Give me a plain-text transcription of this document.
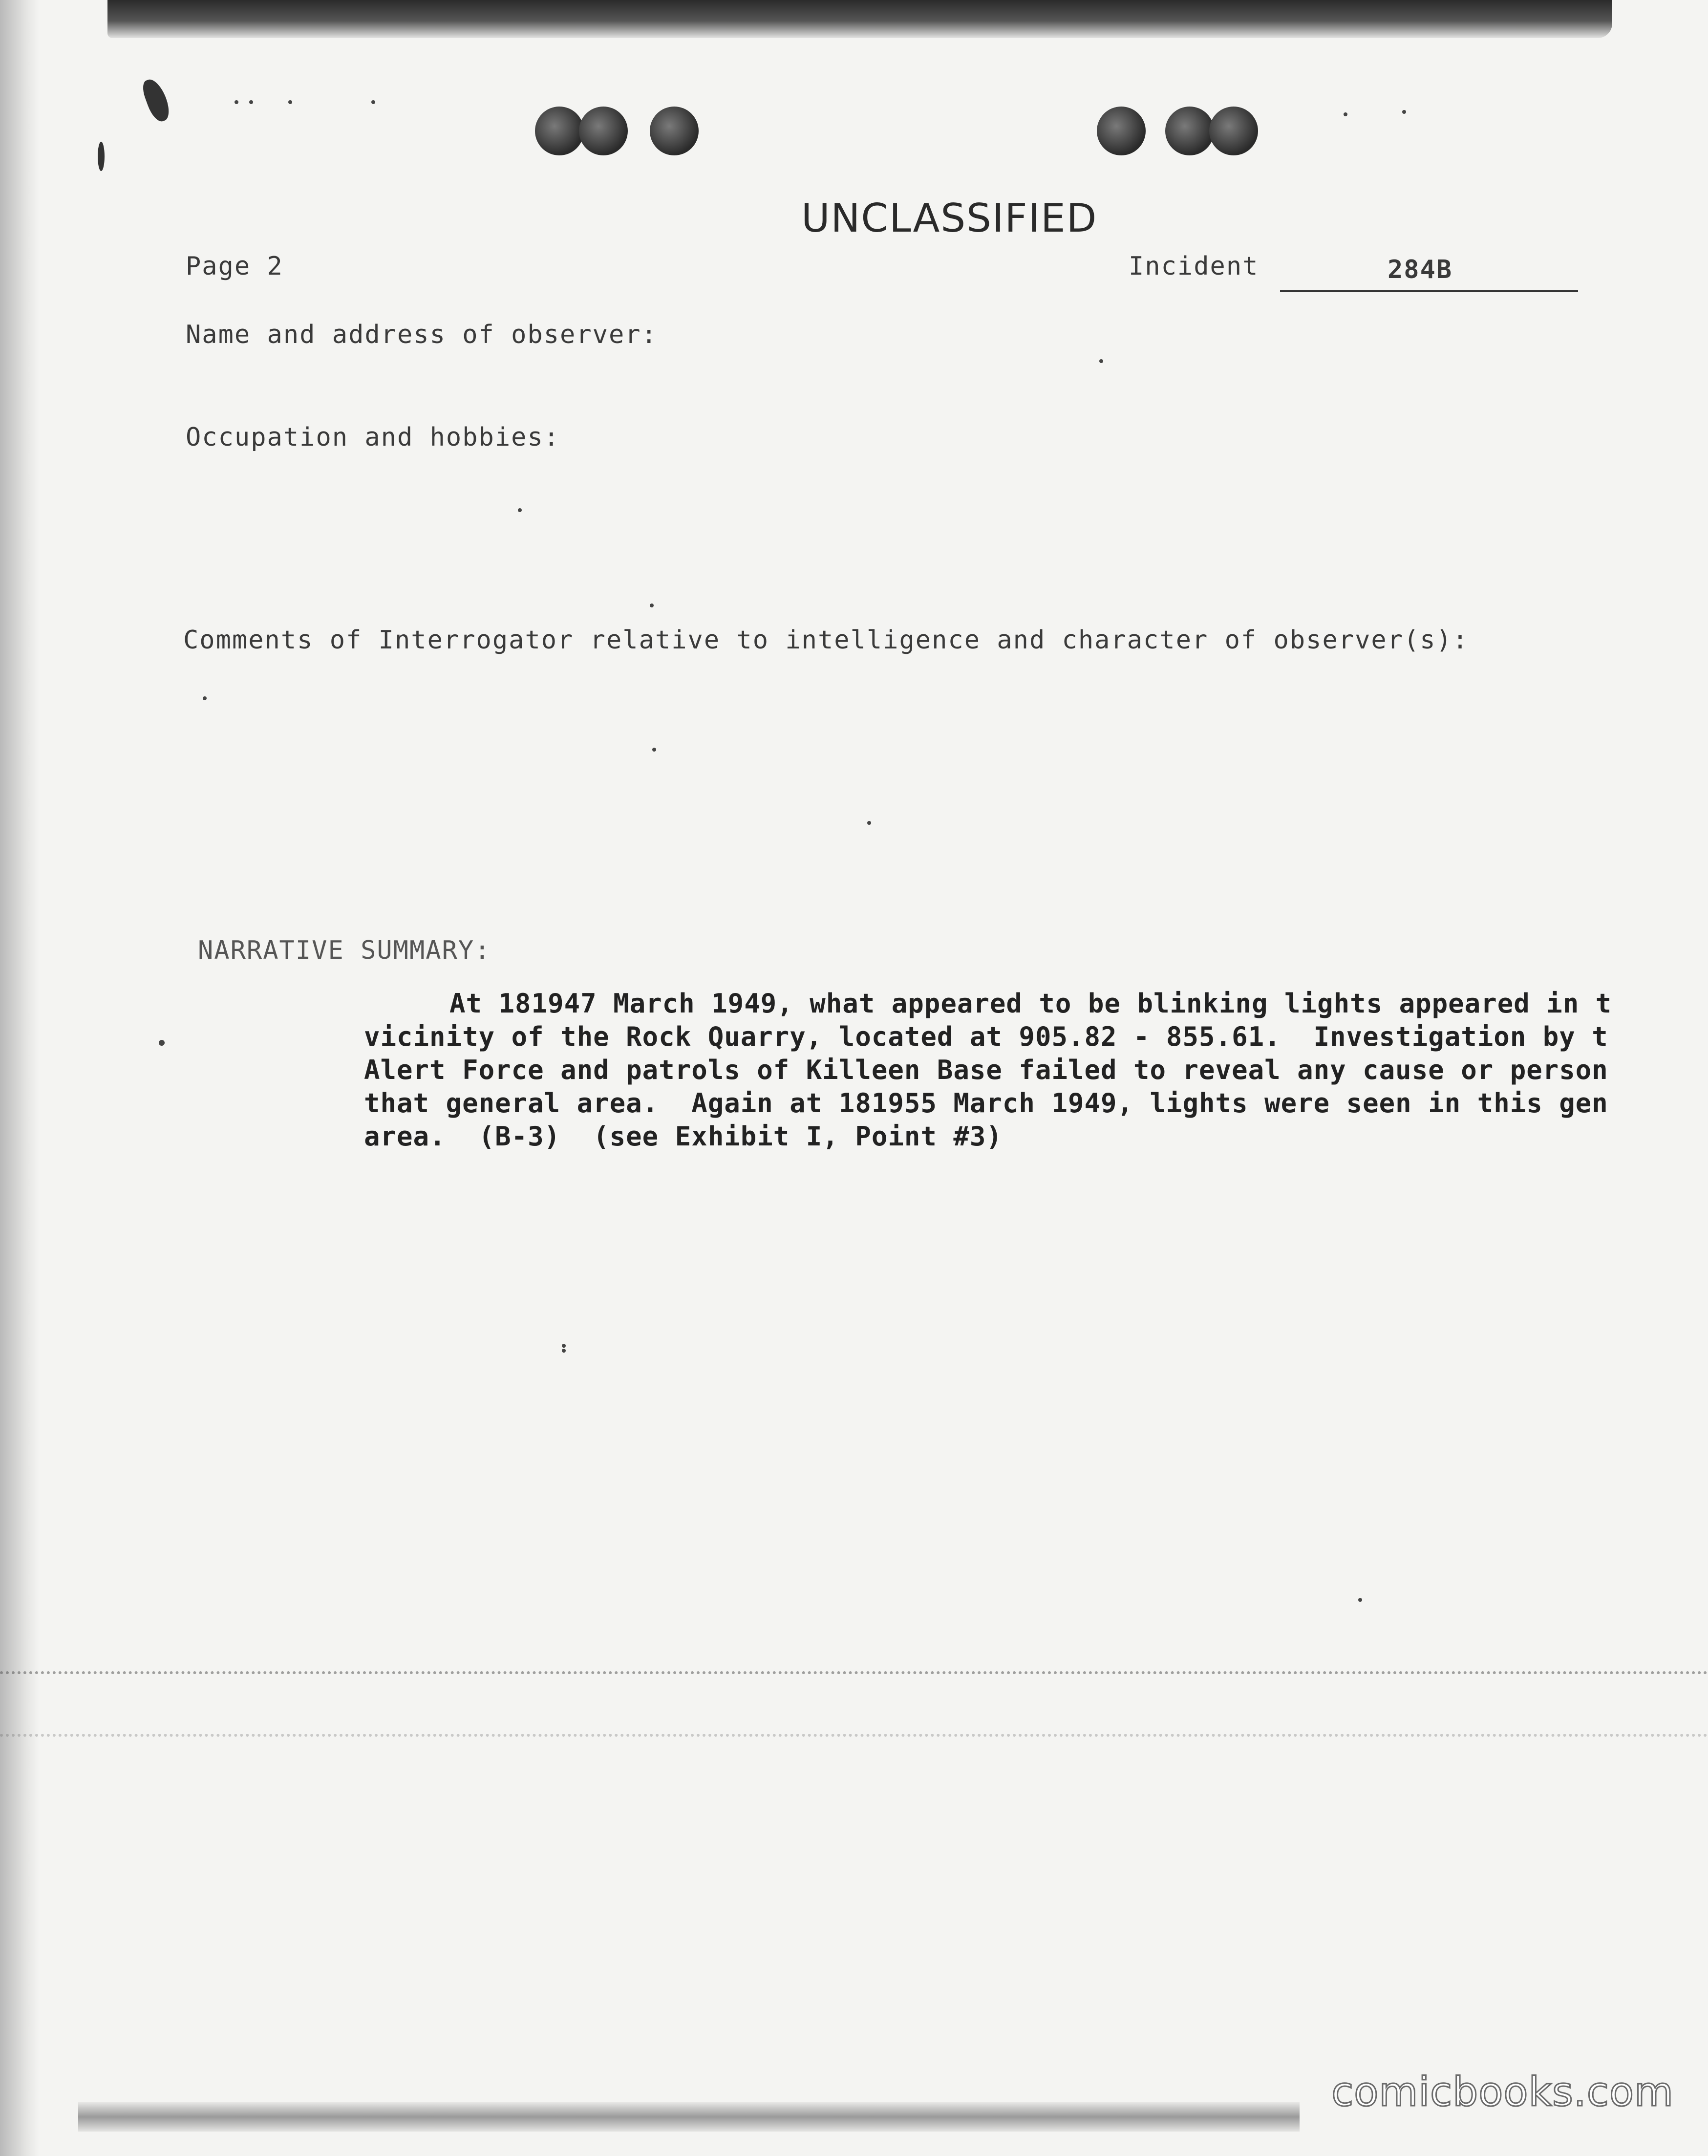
UNCLASSIFIED
Page 2	Incident	284B
Name and address of observer:
Occupation and hobbies:
Comments of Interrogator relative to intelligence and character of observer(s):
NARRATIVE SUMMARY:
At 181947 March 1949, what appeared to be blinking lights appeared in t
vicinity of the Rock Quarry, located at 905.82 - 855.61.  Investigation by t
Alert Force and patrols of Killeen Base failed to reveal any cause or person
that general area.  Again at 181955 March 1949, lights were seen in this gen
area.  (B-3)  (see Exhibit I, Point #3)
comicbooks.com
